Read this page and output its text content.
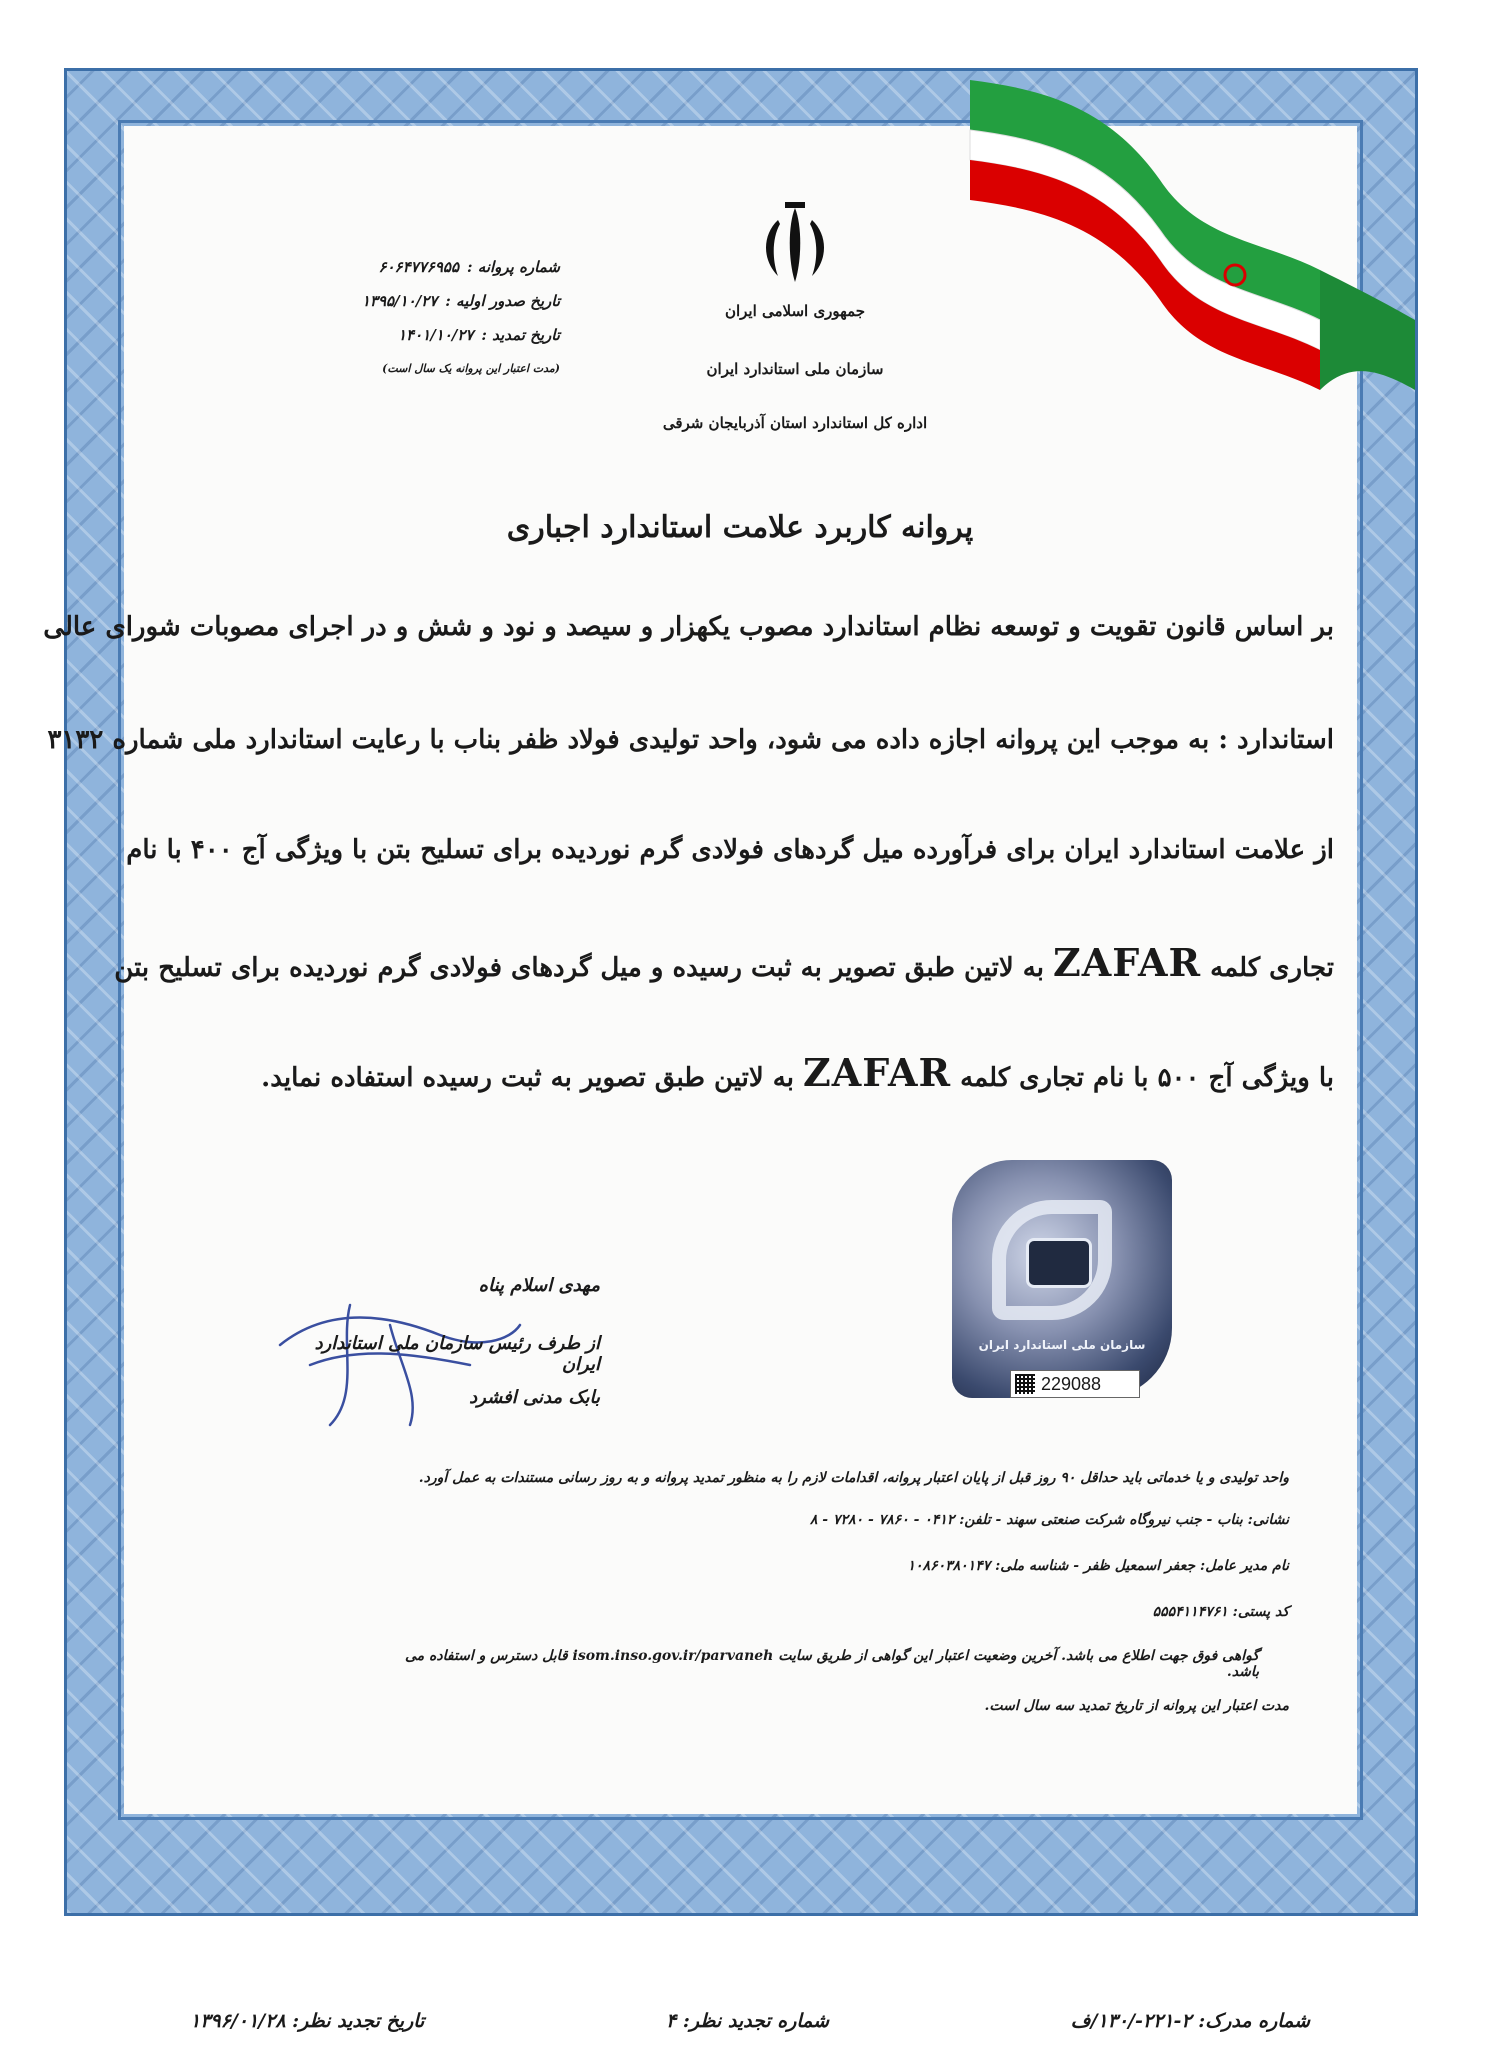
جمهوری اسلامی ایران
سازمان ملی استاندارد ایران
اداره کل استاندارد استان آذربایجان شرقی
شماره پروانه :
۶۰۶۴۷۷۶۹۵۵
تاریخ صدور اولیه :
۱۳۹۵/۱۰/۲۷
تاریخ تمدید :
۱۴۰۱/۱۰/۲۷
(مدت اعتبار این پروانه یک سال است)
پروانه کاربرد علامت استاندارد اجباری
بر اساس قانون تقویت و توسعه نظام استاندارد مصوب یکهزار و سیصد و نود و شش و در اجرای مصوبات شورای عالی
استاندارد : به موجب این پروانه اجازه داده می شود، واحد تولیدی فولاد ظفر بناب با رعایت استاندارد ملی شماره ۳۱۳۲
از علامت استاندارد ایران برای فرآورده میل گردهای فولادی گرم نوردیده برای تسلیح بتن با ویژگی آج ۴۰۰ با نام
تجاری کلمه ZAFAR به لاتین طبق تصویر به ثبت رسیده و میل گردهای فولادی گرم نوردیده برای تسلیح بتن
با ویژگی آج ۵۰۰ با نام تجاری کلمه ZAFAR به لاتین طبق تصویر به ثبت رسیده استفاده نماید.
سازمان ملی استاندارد ایران
229088
مهدی اسلام پناه
از طرف رئیس سازمان ملی استاندارد ایران
بابک مدنی افشرد
واحد تولیدی و یا خدماتی باید حداقل ۹۰ روز قبل از پایان اعتبار پروانه، اقدامات لازم را به منظور تمدید پروانه و به روز رسانی مستندات به عمل آورد.
نشانی: بناب - جنب نیروگاه شرکت صنعتی سهند - تلفن: ۰۴۱۲ - ۷۸۶۰ - ۷۲۸۰ - ۸
نام مدیر عامل: جعفر اسمعیل ظفر - شناسه ملی: ۱۰۸۶۰۳۸۰۱۴۷
کد پستی: ۵۵۵۴۱۱۴۷۶۱
گواهی فوق جهت اطلاع می باشد. آخرین وضعیت اعتبار این گواهی از طریق سایت isom.inso.gov.ir/parvaneh قابل دسترس و استفاده می باشد.
مدت اعتبار این پروانه از تاریخ تمدید سه سال است.
شماره مدرک: ۲-۲۲۱-/۱۳۰/ف
شماره تجدید نظر: ۴
تاریخ تجدید نظر: ۱۳۹۶/۰۱/۲۸
